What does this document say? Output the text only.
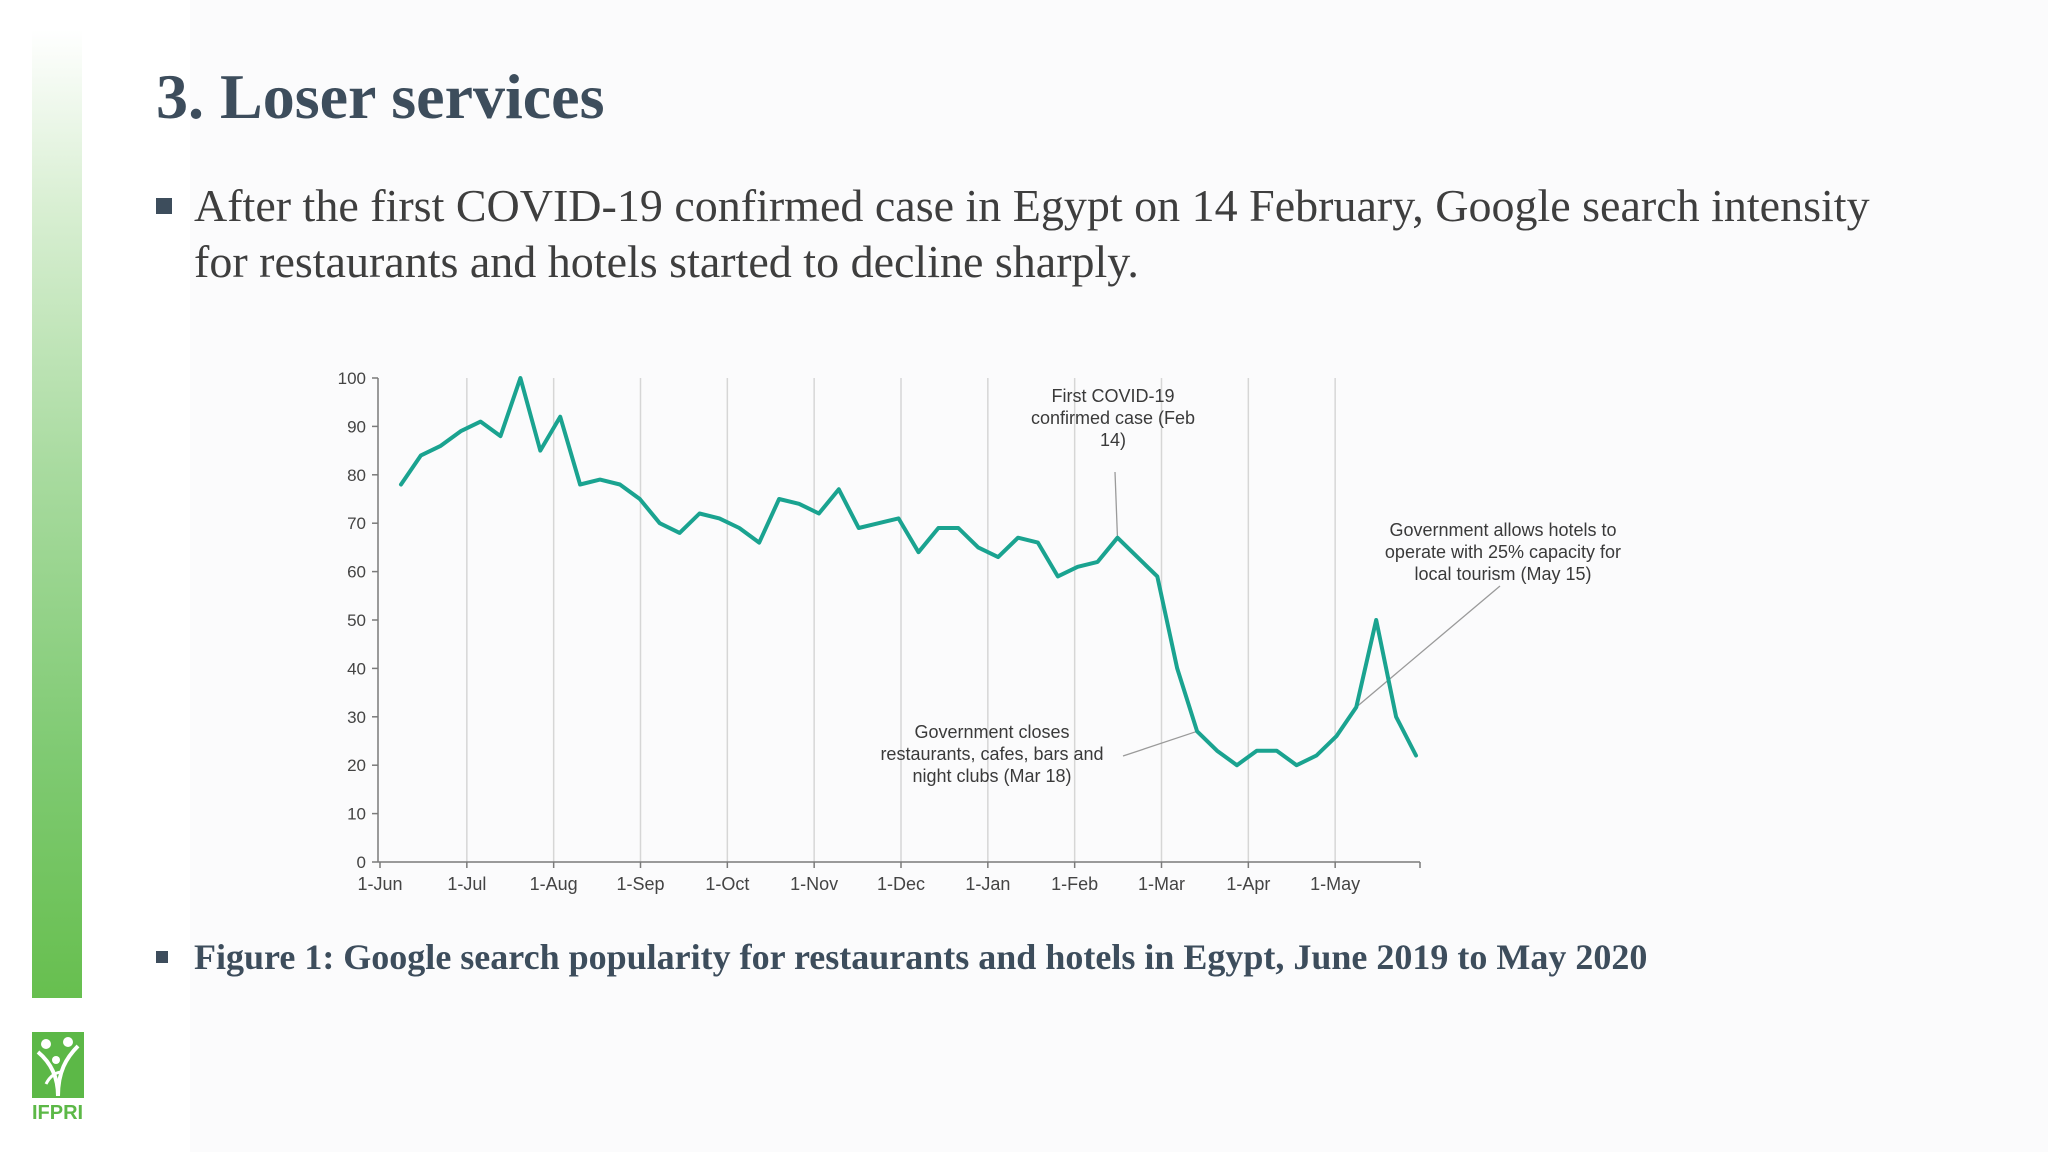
3. Loser services
After the first COVID-19 confirmed case in Egypt on 14 February, Google search intensity for restaurants and hotels started to decline sharply.
0
10
20
30
40
50
60
70
80
90
100
1-Jun 1-Jul 1-Aug 1-Sep 1-Oct 1-Nov 1-Dec 1-Jan 1-Feb 1-Mar 1-Apr 1-May
First COVID-19
confirmed case (Feb
14)
Government closes
restaurants, cafes, bars and
night clubs (Mar 18)
Government allows hotels to
operate with 25% capacity for
local tourism (May 15)
Figure 1: Google search popularity for restaurants and hotels in Egypt, June 2019 to May 2020
IFPRI
